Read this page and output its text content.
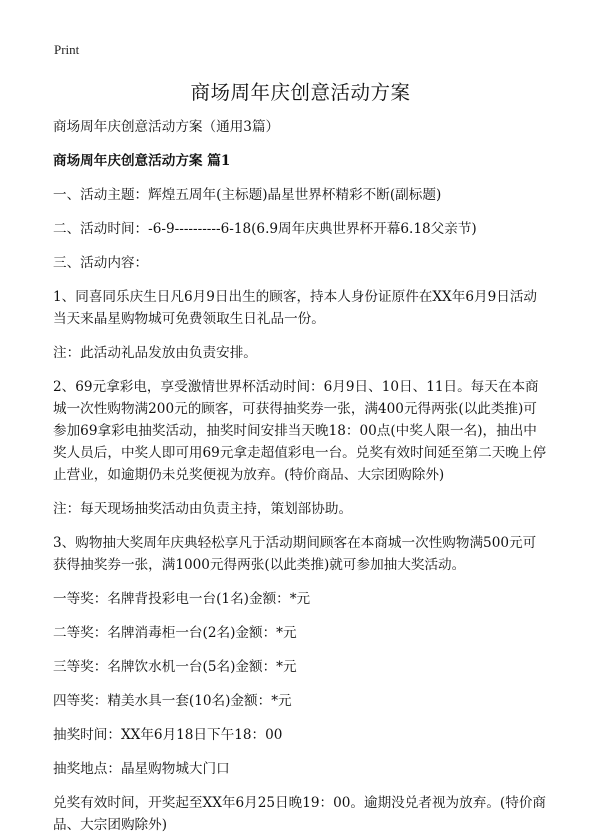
Print
商场周年庆创意活动方案

商场周年庆创意活动方案（通用3篇）

商场周年庆创意活动方案 篇1

一、活动主题：辉煌五周年(主标题)晶星世界杯精彩不断(副标题)

二、活动时间：-6-9----------6-18(6.9周年庆典世界杯开幕6.18父亲节)

三、活动内容：

1、同喜同乐庆生日凡6月9日出生的顾客，持本人身份证原件在XX年6月9日活动当天来晶星购物城可免费领取生日礼品一份。

注：此活动礼品发放由负责安排。

2、69元拿彩电，享受激情世界杯活动时间：6月9日、10日、11日。每天在本商城一次性购物满200元的顾客，可获得抽奖券一张，满400元得两张(以此类推)可参加69拿彩电抽奖活动，抽奖时间安排当天晚18：00点(中奖人限一名)，抽出中奖人员后，中奖人即可用69元拿走超值彩电一台。兑奖有效时间延至第二天晚上停止营业，如逾期仍未兑奖便视为放弃。(特价商品、大宗团购除外)

注：每天现场抽奖活动由负责主持，策划部协助。

3、购物抽大奖周年庆典轻松享凡于活动期间顾客在本商城一次性购物满500元可获得抽奖券一张，满1000元得两张(以此类推)就可参加抽大奖活动。

一等奖：名牌背投彩电一台(1名)金额：*元

二等奖：名牌消毒柜一台(2名)金额：*元

三等奖：名牌饮水机一台(5名)金额：*元

四等奖：精美水具一套(10名)金额：*元

抽奖时间：XX年6月18日下午18：00

抽奖地点：晶星购物城大门口

兑奖有效时间，开奖起至XX年6月25日晚19：00。逾期没兑者视为放弃。(特价商品、大宗团购除外)
